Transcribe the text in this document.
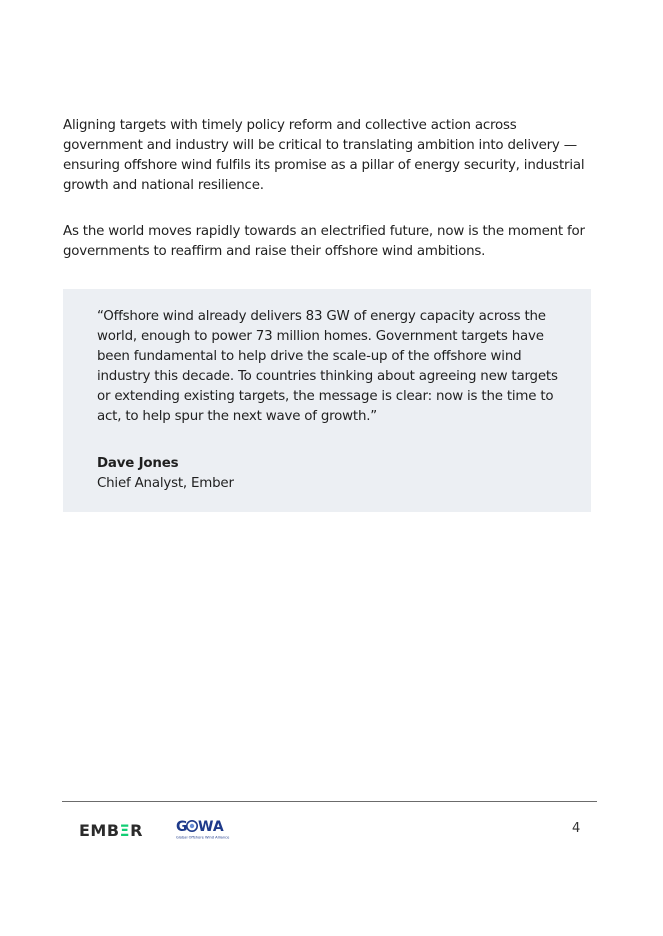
Aligning targets with timely policy reform and collective action across government and industry will be critical to translating ambition into delivery — ensuring offshore wind fulfils its promise as a pillar of energy security, industrial growth and national resilience.

As the world moves rapidly towards an electrified future, now is the moment for governments to reaffirm and raise their offshore wind ambitions.

“Offshore wind already delivers 83 GW of energy capacity across the world, enough to power 73 million homes. Government targets have been fundamental to help drive the scale-up of the offshore wind industry this decade. To countries thinking about agreeing new targets or extending existing targets, the message is clear: now is the time to act, to help spur the next wave of growth.”

Dave Jones
Chief Analyst, Ember
EMBΞR G WA
Global Offshore Wind Alliance
4
